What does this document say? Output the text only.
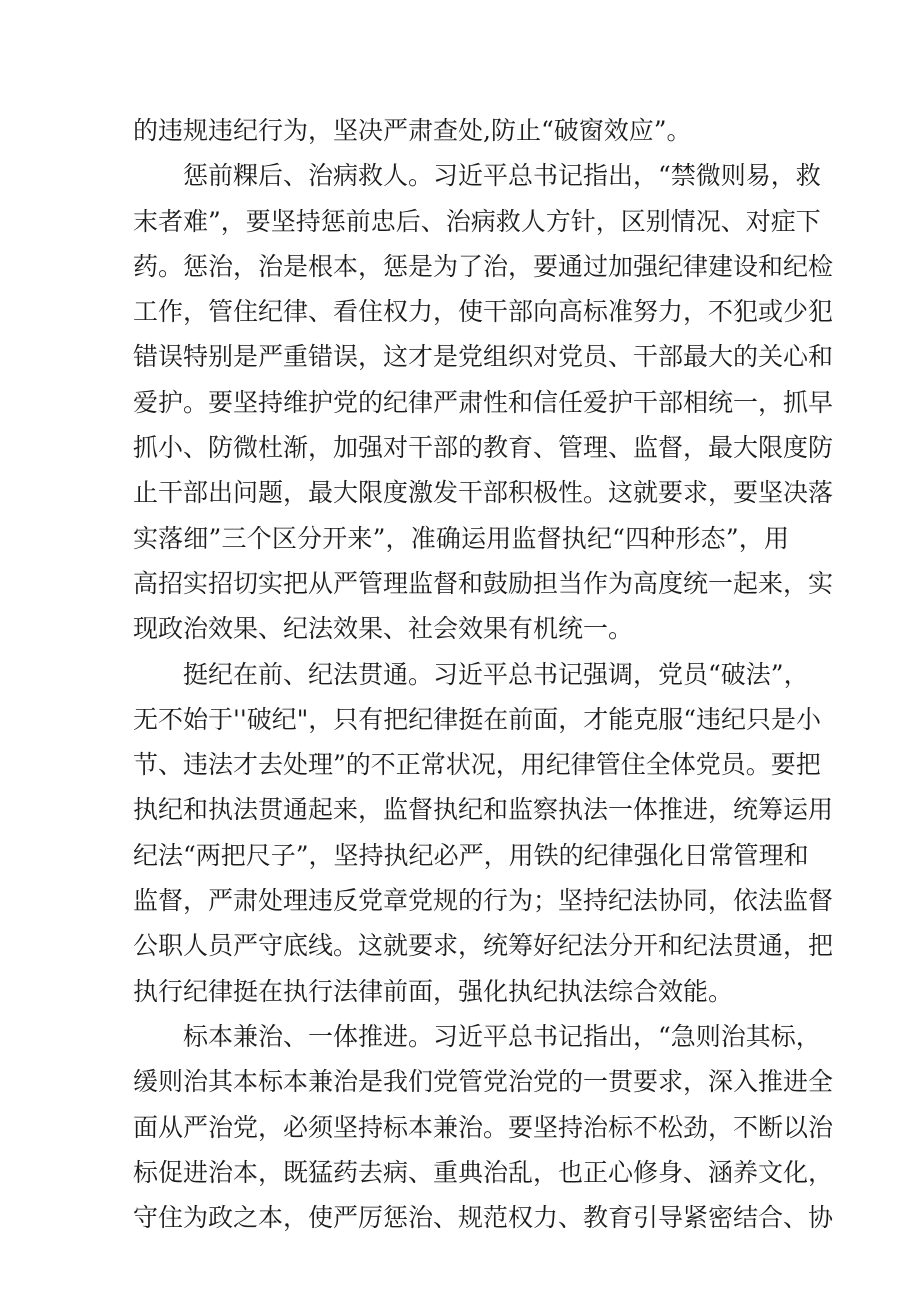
的违规违纪行为，坚决严肃查处,防止“破窗效应”。
惩前粿后、治病救人。习近平总书记指出，“禁微则易，救
末者难”，要坚持惩前忠后、治病救人方针，区别情况、对症下
药。惩治，治是根本，惩是为了治，要通过加强纪律建设和纪检
工作，管住纪律、看住权力，使干部向高标准努力，不犯或少犯
错误特别是严重错误，这才是党组织对党员、干部最大的关心和
爱护。要坚持维护党的纪律严肃性和信任爱护干部相统一，抓早
抓小、防微杜渐，加强对干部的教育、管理、监督，最大限度防
止干部出问题，最大限度激发干部积极性。这就要求，要坚决落
实落细”三个区分开来”，准确运用监督执纪“四种形态”，用
高招实招切实把从严管理监督和鼓励担当作为高度统一起来，实
现政治效果、纪法效果、社会效果有机统一。
挺纪在前、纪法贯通。习近平总书记强调，党员“破法”，
无不始于''破纪"，只有把纪律挺在前面，才能克服“违纪只是小
节、违法才去处理”的不正常状况，用纪律管住全体党员。要把
执纪和执法贯通起来，监督执纪和监察执法一体推进，统筹运用
纪法“两把尺子”，坚持执纪必严，用铁的纪律强化日常管理和
监督，严肃处理违反党章党规的行为；坚持纪法协同，依法监督
公职人员严守底线。这就要求，统筹好纪法分开和纪法贯通，把
执行纪律挺在执行法律前面，强化执纪执法综合效能。
标本兼治、一体推进。习近平总书记指出，“急则治其标，
缓则治其本标本兼治是我们党管党治党的一贯要求，深入推进全
面从严治党，必须坚持标本兼治。要坚持治标不松劲，不断以治
标促进治本，既猛药去病、重典治乱，也正心修身、涵养文化，
守住为政之本，使严厉惩治、规范权力、教育引导紧密结合、协
